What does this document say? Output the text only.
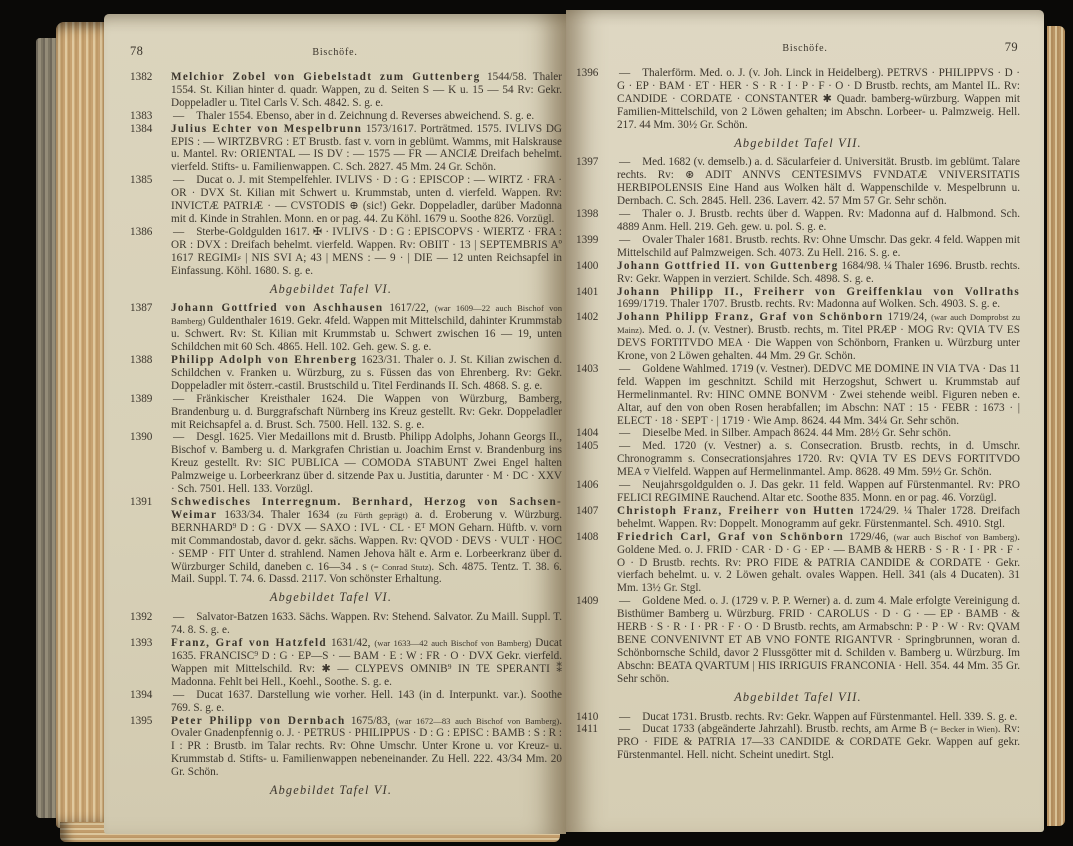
78	Bischöfe.
1382	Melchior Zobel von Giebelstadt zum Guttenberg 1544/58. Thaler 1554. St. Kilian hinter d. quadr. Wappen, zu d. Seiten S — K u. 15 — 54 Rv: Gekr. Doppeladler u. Titel Carls V. Sch. 4842. S. g. e.
1383	— Thaler 1554. Ebenso, aber in d. Zeichnung d. Reverses abweichend. S. g. e.
1384	Julius Echter von Mespelbrunn 1573/1617. Porträtmed. 1575. IVLIVS DG EPIS : — WIRTZBVRG : ET Brustb. fast v. vorn in geblümt. Wamms, mit Halskrause u. Mantel. Rv: ORIENTAL — IS DV : — 1575 — FR — ANCIÆ Dreifach behelmt. vierfeld. Stifts- u. Familienwappen. C. Sch. 2827. 45 Mm. 24 Gr. Schön.
1385	— Ducat o. J. mit Stempelfehler. IVLIVS · D : G : EPISCOP : — WIRTZ · FRA · OR · DVX St. Kilian mit Schwert u. Krummstab, unten d. vierfeld. Wappen. Rv: INVICTÆ PATRIÆ · — CVSTODIS ⊕ (sic!) Gekr. Doppeladler, darüber Madonna mit d. Kinde in Strahlen. Monn. en or pag. 44. Zu Köhl. 1679 u. Soothe 826. Vorzügl.
1386	— Sterbe-Goldgulden 1617. ✠ · IVLIVS · D : G : EPISCOPVS · WIERTZ · FRA : OR : DVX : Dreifach behelmt. vierfeld. Wappen. Rv: OBIIT · 13 | SEPTEMBRIS Aº 1617 REGIMI⸗ | NIS SVI A; 43 | MENS : — 9 · | DIE — 12 unten Reichsapfel in Einfassung. Köhl. 1680. S. g. e.
Abgebildet Tafel VI.
1387	Johann Gottfried von Aschhausen 1617/22, (war 1609—22 auch Bischof von Bamberg) Guldenthaler 1619. Gekr. 4feld. Wappen mit Mittelschild, dahinter Krummstab u. Schwert. Rv: St. Kilian mit Krummstab u. Schwert zwischen 16 — 19, unten Schildchen mit 60 Sch. 4865. Hell. 102. Geh. gew. S. g. e.
1388	Philipp Adolph von Ehrenberg 1623/31. Thaler o. J. St. Kilian zwischen d. Schildchen v. Franken u. Würzburg, zu s. Füssen das von Ehrenberg. Rv: Gekr. Doppeladler mit österr.-castil. Brustschild u. Titel Ferdinands II. Sch. 4868. S. g. e.
1389	— Fränkischer Kreisthaler 1624. Die Wappen von Würzburg, Bamberg, Brandenburg u. d. Burggrafschaft Nürnberg ins Kreuz gestellt. Rv: Gekr. Doppeladler mit Reichsapfel a. d. Brust. Sch. 7500. Hell. 132. S. g. e.
1390	— Desgl. 1625. Vier Medaillons mit d. Brustb. Philipp Adolphs, Johann Georgs II., Bischof v. Bamberg u. d. Markgrafen Christian u. Joachim Ernst v. Brandenburg ins Kreuz gestellt. Rv: SIC PUBLICA — COMODA STABUNT Zwei Engel halten Palmzweige u. Lorbeerkranz über d. sitzende Pax u. Justitia, darunter · M · DC · XXV · Sch. 7501. Hell. 133. Vorzügl.
1391	Schwedisches Interregnum. Bernhard, Herzog von Sachsen-Weimar 1633/34. Thaler 1634 (zu Fürth geprägt) a. d. Eroberung v. Würzburg. BERNHARD⁹ D : G · DVX — SAXO : IVL · CL · Eᵀ MON Geharn. Hüftb. v. vorn mit Commandostab, davor d. gekr. sächs. Wappen. Rv: QVOD · DEVS · VULT · HOC · SEMP · FIT Unter d. strahlend. Namen Jehova hält e. Arm e. Lorbeerkranz über d. Würzburger Schild, daneben c. 16—34 . s (= Conrad Stutz). Sch. 4875. Tentz. T. 38. 6. Mail. Suppl. T. 74. 6. Dassd. 2117. Von schönster Erhaltung.
Abgebildet Tafel VI.
1392	— Salvator-Batzen 1633. Sächs. Wappen. Rv: Stehend. Salvator. Zu Maill. Suppl. T. 74. 8. S. g. e.
1393	Franz, Graf von Hatzfeld 1631/42, (war 1633—42 auch Bischof von Bamberg) Ducat 1635. FRANCISC⁹ D : G · EP—S · — BAM · E : W : FR · O · DVX Gekr. vierfeld. Wappen mit Mittelschild. Rv: ✱ — CLYPEVS OMNIB⁹ IN TE SPERANTI ⁑ Madonna. Fehlt bei Hell., Koehl., Soothe. S. g. e.
1394	— Ducat 1637. Darstellung wie vorher. Hell. 143 (in d. Interpunkt. var.). Soothe 769. S. g. e.
1395	Peter Philipp von Dernbach 1675/83, (war 1672—83 auch Bischof von Bamberg). Ovaler Gnadenpfennig o. J. · PETRUS · PHILIPPUS · D : G : EPISC : BAMB : S : R : I : PR : Brustb. im Talar rechts. Rv: Ohne Umschr. Unter Krone u. vor Kreuz- u. Krummstab d. Stifts- u. Familienwappen nebeneinander. Zu Hell. 222. 43/34 Mm. 20 Gr. Schön.
Abgebildet Tafel VI.
Bischöfe.	79
1396	— Thalerförm. Med. o. J. (v. Joh. Linck in Heidelberg). PETRVS · PHILIPPVS · D · G · EP · BAM · ET · HER · S · R · I · P · F · O · D Brustb. rechts, am Mantel IL. Rv: CANDIDE · CORDATE · CONSTANTER ✱ Quadr. bamberg-würzburg. Wappen mit Familien-Mittelschild, von 2 Löwen gehalten; im Abschn. Lorbeer- u. Palmzweig. Hell. 217. 44 Mm. 30½ Gr. Schön.
Abgebildet Tafel VII.
1397	— Med. 1682 (v. demselb.) a. d. Säcularfeier d. Universität. Brustb. im geblümt. Talare rechts. Rv: ⊛ ADIT ANNVS CENTESIMVS FVNDATÆ VNIVERSITATIS HERBIPOLENSIS Eine Hand aus Wolken hält d. Wappenschilde v. Mespelbrunn u. Dernbach. C. Sch. 2845. Hell. 236. Laverr. 42. 57 Mm 57 Gr. Sehr schön.
1398	— Thaler o. J. Brustb. rechts über d. Wappen. Rv: Madonna auf d. Halbmond. Sch. 4889 Anm. Hell. 219. Geh. gew. u. pol. S. g. e.
1399	— Ovaler Thaler 1681. Brustb. rechts. Rv: Ohne Umschr. Das gekr. 4 feld. Wappen mit Mittelschild auf Palmzweigen. Sch. 4073. Zu Hell. 216. S. g. e.
1400	Johann Gottfried II. von Guttenberg 1684/98. ¼ Thaler 1696. Brustb. rechts. Rv: Gekr. Wappen in verziert. Schilde. Sch. 4898. S. g. e.
1401	Johann Philipp II., Freiherr von Greiffenklau von Vollraths 1699/1719. Thaler 1707. Brustb. rechts. Rv: Madonna auf Wolken. Sch. 4903. S. g. e.
1402	Johann Philipp Franz, Graf von Schönborn 1719/24, (war auch Domprobst zu Mainz). Med. o. J. (v. Vestner). Brustb. rechts, m. Titel PRÆP · MOG Rv: QVIA TV ES DEVS FORTITVDO MEA · Die Wappen von Schönborn, Franken u. Würzburg unter Krone, von 2 Löwen gehalten. 44 Mm. 29 Gr. Schön.
1403	— Goldene Wahlmed. 1719 (v. Vestner). DEDVC ME DOMINE IN VIA TVA · Das 11 feld. Wappen im geschnitzt. Schild mit Herzogshut, Schwert u. Krummstab auf Hermelinmantel. Rv: HINC OMNE BONVM · Zwei stehende weibl. Figuren neben e. Altar, auf den von oben Rosen herabfallen; im Abschn: NAT : 15 · FEBR : 1673 · | ELECT · 18 · SEPT · | 1719 · Wie Amp. 8624. 44 Mm. 34¼ Gr. Sehr schön.
1404	— Dieselbe Med. in Silber. Ampach 8624. 44 Mm. 28½ Gr. Sehr schön.
1405	— Med. 1720 (v. Vestner) a. s. Consecration. Brustb. rechts, in d. Umschr. Chronogramm s. Consecrationsjahres 1720. Rv: QVIA TV ES DEVS FORTITVDO MEA ▿ Vielfeld. Wappen auf Hermelinmantel. Amp. 8628. 49 Mm. 59½ Gr. Schön.
1406	— Neujahrsgoldgulden o. J. Das gekr. 11 feld. Wappen auf Fürstenmantel. Rv: PRO FELICI REGIMINE Rauchend. Altar etc. Soothe 835. Monn. en or pag. 46. Vorzügl.
1407	Christoph Franz, Freiherr von Hutten 1724/29. ¼ Thaler 1728. Dreifach behelmt. Wappen. Rv: Doppelt. Monogramm auf gekr. Fürstenmantel. Sch. 4910. Stgl.
1408	Friedrich Carl, Graf von Schönborn 1729/46, (war auch Bischof von Bamberg). Goldene Med. o. J. FRID · CAR · D · G · EP · — BAMB & HERB · S · R · I · PR · F · O · D Brustb. rechts. Rv: PRO FIDE & PATRIA CANDIDE & CORDATE · Gekr. vierfach behelmt. u. v. 2 Löwen gehalt. ovales Wappen. Hell. 341 (als 4 Ducaten). 31 Mm. 13½ Gr. Stgl.
1409	— Goldene Med. o. J. (1729 v. P. P. Werner) a. d. zum 4. Male erfolgte Vereinigung d. Bisthümer Bamberg u. Würzburg. FRID · CAROLUS · D · G · — EP · BAMB · & HERB · S · R · I · PR · F · O · D Brustb. rechts, am Armabschn: P · P · W · Rv: QVAM BENE CONVENIVNT ET AB VNO FONTE RIGANTVR · Springbrunnen, woran d. Schönbornsche Schild, davor 2 Flussgötter mit d. Schilden v. Bamberg u. Würzburg. Im Abschn: BEATA QVARTUM | HIS IRRIGUIS FRANCONIA · Hell. 354. 44 Mm. 35 Gr. Sehr schön.
Abgebildet Tafel VII.
1410	— Ducat 1731. Brustb. rechts. Rv: Gekr. Wappen auf Fürstenmantel. Hell. 339. S. g. e.
1411	— Ducat 1733 (abgeänderte Jahrzahl). Brustb. rechts, am Arme B (= Becker in Wien). Rv: PRO · FIDE & PATRIA 17—33 CANDIDE & CORDATE Gekr. Wappen auf gekr. Fürstenmantel. Hell. nicht. Scheint unedirt. Stgl.
